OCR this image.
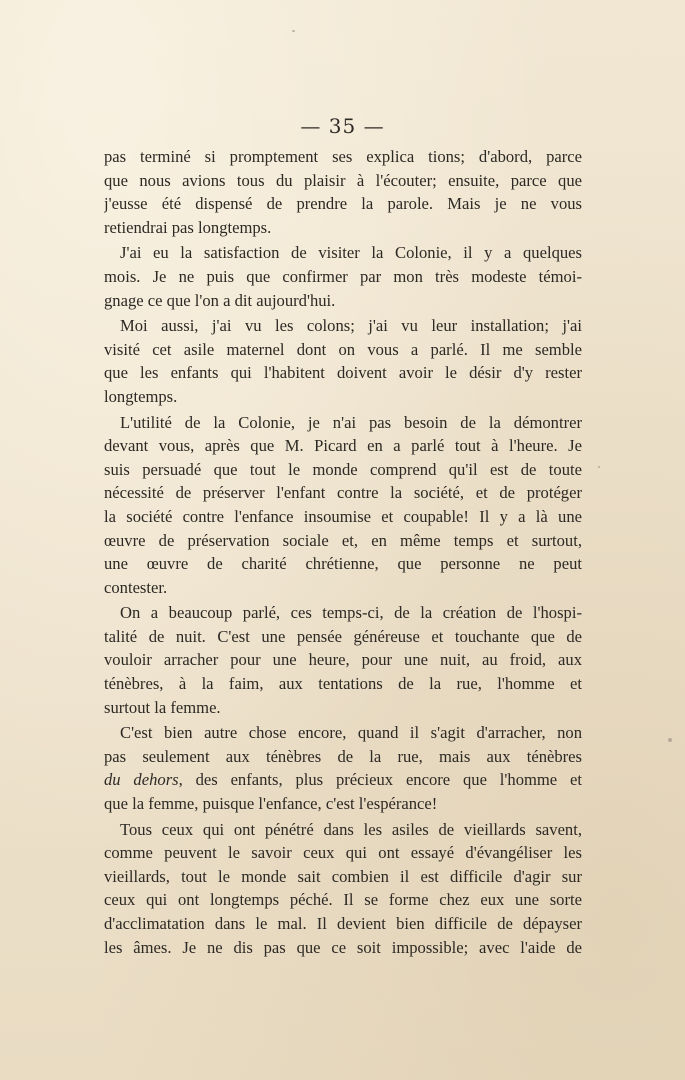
— 35 —
pas terminé si promptement ses explica tions; d'abord, parce
que nous avions tous du plaisir à l'écouter; ensuite, parce que
j'eusse été dispensé de prendre la parole. Mais je ne vous
retiendrai pas longtemps.
J'ai eu la satisfaction de visiter la Colonie, il y a quelques
mois. Je ne puis que confirmer par mon très modeste témoi-
gnage ce que l'on a dit aujourd'hui.
Moi aussi, j'ai vu les colons; j'ai vu leur installation; j'ai
visité cet asile maternel dont on vous a parlé. Il me semble
que les enfants qui l'habitent doivent avoir le désir d'y rester
longtemps.
L'utilité de la Colonie, je n'ai pas besoin de la démontrer
devant vous, après que M. Picard en a parlé tout à l'heure. Je
suis persuadé que tout le monde comprend qu'il est de toute
nécessité de préserver l'enfant contre la société, et de protéger
la société contre l'enfance insoumise et coupable! Il y a là une
œuvre de préservation sociale et, en même temps et surtout,
une œuvre de charité chrétienne, que personne ne peut
contester.
On a beaucoup parlé, ces temps-ci, de la création de l'hospi-
talité de nuit. C'est une pensée généreuse et touchante que de
vouloir arracher pour une heure, pour une nuit, au froid, aux
ténèbres, à la faim, aux tentations de la rue, l'homme et
surtout la femme.
C'est bien autre chose encore, quand il s'agit d'arracher, non
pas seulement aux ténèbres de la rue, mais aux ténèbres
du dehors, des enfants, plus précieux encore que l'homme et
que la femme, puisque l'enfance, c'est l'espérance!
Tous ceux qui ont pénétré dans les asiles de vieillards savent,
comme peuvent le savoir ceux qui ont essayé d'évangéliser les
vieillards, tout le monde sait combien il est difficile d'agir sur
ceux qui ont longtemps péché. Il se forme chez eux une sorte
d'acclimatation dans le mal. Il devient bien difficile de dépayser
les âmes. Je ne dis pas que ce soit impossible; avec l'aide de
